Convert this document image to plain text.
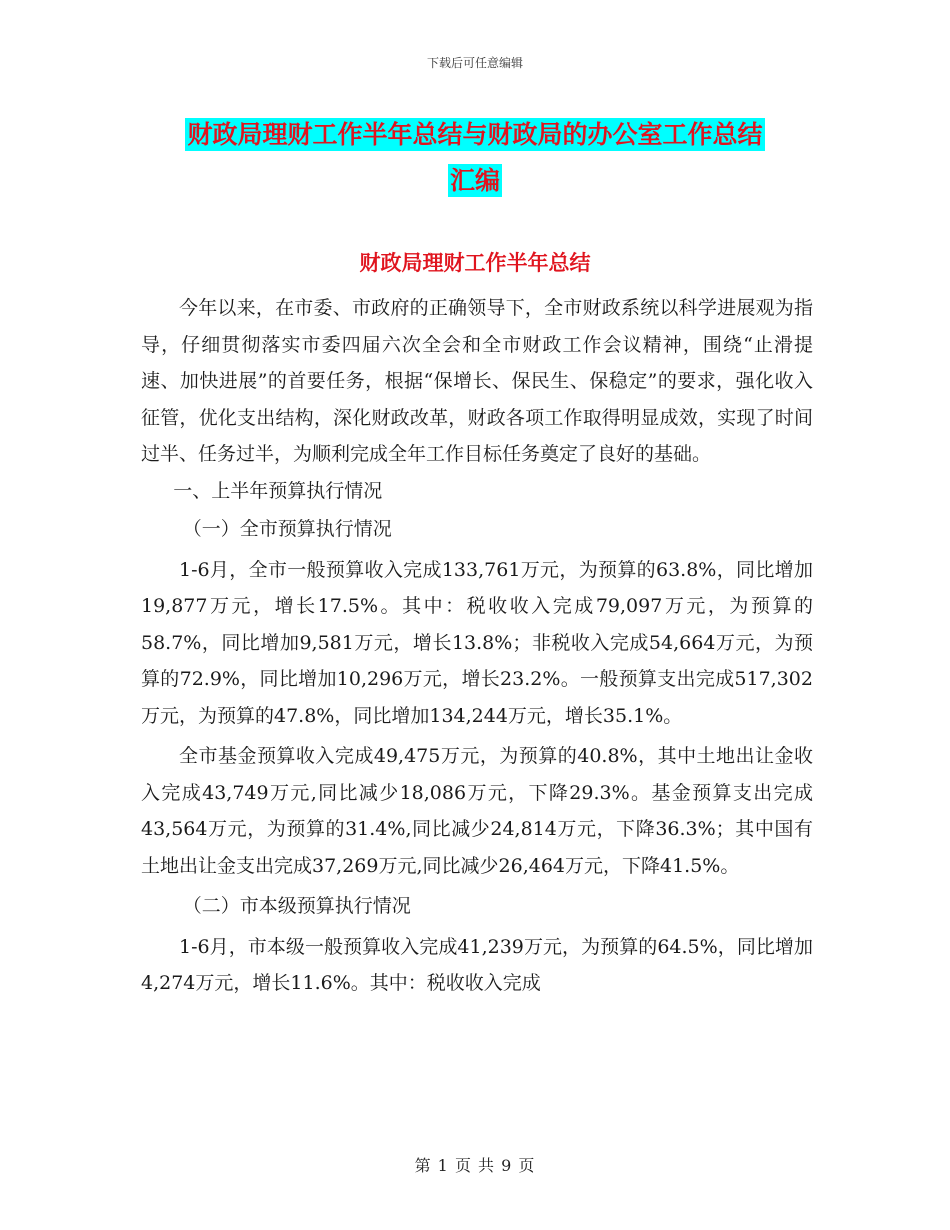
下载后可任意编辑
财政局理财工作半年总结与财政局的办公室工作总结
汇编
财政局理财工作半年总结

今年以来，在市委、市政府的正确领导下，全市财政系统以科学进展观为指导，仔细贯彻落实市委四届六次全会和全市财政工作会议精神，围绕“止滑提速、加快进展”的首要任务，根据“保增长、保民生、保稳定”的要求，强化收入征管，优化支出结构，深化财政改革，财政各项工作取得明显成效，实现了时间过半、任务过半，为顺利完成全年工作目标任务奠定了良好的基础。

一、上半年预算执行情况

（一）全市预算执行情况

1-6月，全市一般预算收入完成133,761万元，为预算的63.8%，同比增加19,877万元，增长17.5%。其中：税收收入完成79,097万元，为预算的58.7%，同比增加9,581万元，增长13.8%；非税收入完成54,664万元，为预算的72.9%，同比增加10,296万元，增长23.2%。一般预算支出完成517,302万元，为预算的47.8%，同比增加134,244万元，增长35.1%。

全市基金预算收入完成49,475万元，为预算的40.8%，其中土地出让金收入完成43,749万元,同比减少18,086万元，下降29.3%。基金预算支出完成43,564万元，为预算的31.4%,同比减少24,814万元，下降36.3%；其中国有土地出让金支出完成37,269万元,同比减少26,464万元，下降41.5%。

（二）市本级预算执行情况

1-6月，市本级一般预算收入完成41,239万元，为预算的64.5%，同比增加4,274万元，增长11.6%。其中：税收收入完成

第 1 页 共 9 页
